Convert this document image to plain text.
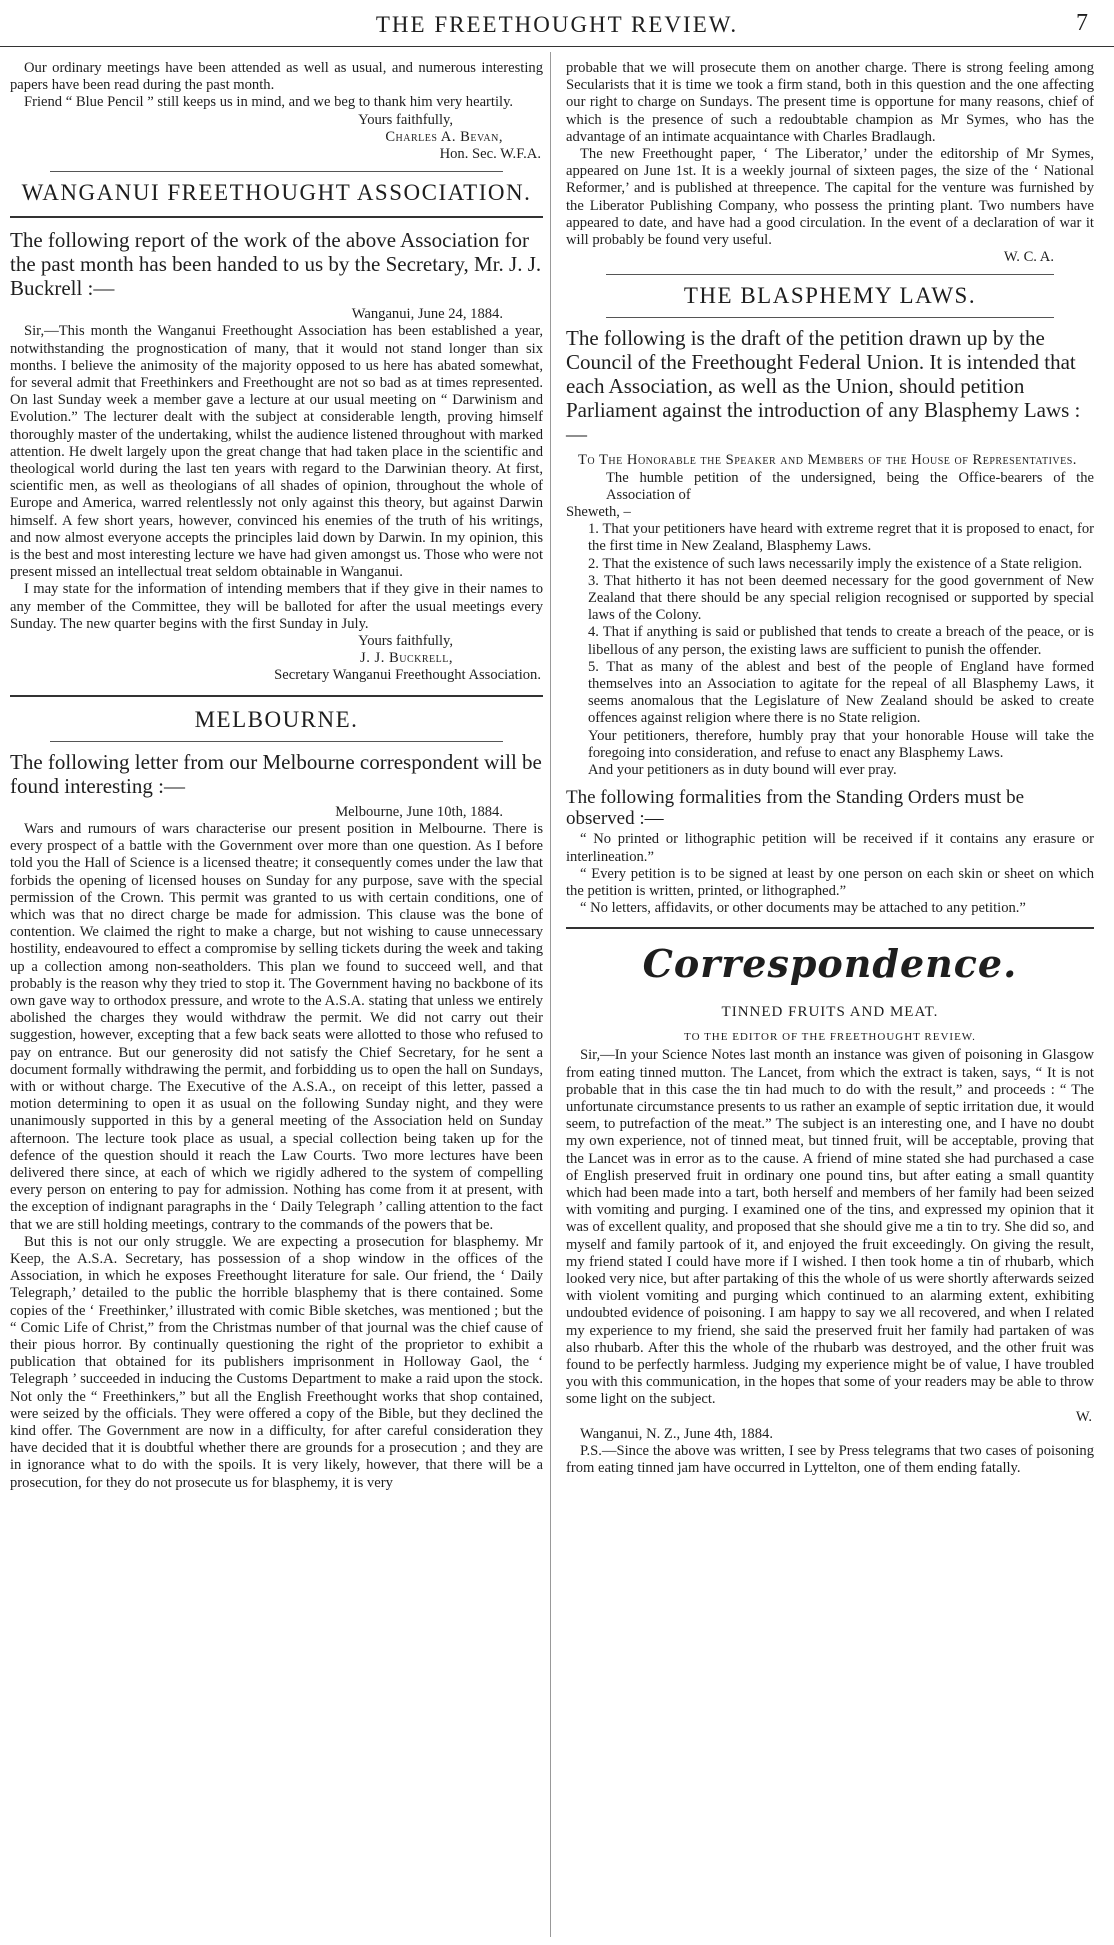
THE FREETHOUGHT REVIEW.	7

Our ordinary meetings have been attended as well as usual, and numerous interesting papers have been read during the past month.

Friend “ Blue Pencil ” still keeps us in mind, and we beg to thank him very heartily.

Yours faithfully,

Charles A. Bevan,

Hon. Sec. W.F.A.

WANGANUI FREETHOUGHT ASSOCIATION.

The following report of the work of the above Association for the past month has been handed to us by the Secretary, Mr. J. J. Buckrell :—

Wanganui, June 24, 1884.

Sir,—This month the Wanganui Freethought Association has been established a year, notwithstanding the prognostication of many, that it would not stand longer than six months. I believe the animosity of the majority opposed to us here has abated somewhat, for several admit that Freethinkers and Freethought are not so bad as at times represented. On last Sunday week a member gave a lecture at our usual meeting on “ Darwinism and Evolution.” The lecturer dealt with the subject at considerable length, proving himself thoroughly master of the undertaking, whilst the audience listened throughout with marked attention. He dwelt largely upon the great change that had taken place in the scientific and theological world during the last ten years with regard to the Darwinian theory. At first, scientific men, as well as theologians of all shades of opinion, throughout the whole of Europe and America, warred relentlessly not only against this theory, but against Darwin himself. A few short years, however, convinced his enemies of the truth of his writings, and now almost everyone accepts the principles laid down by Darwin. In my opinion, this is the best and most interesting lecture we have had given amongst us. Those who were not present missed an intellectual treat seldom obtainable in Wanganui.

I may state for the information of intending members that if they give in their names to any member of the Committee, they will be balloted for after the usual meetings every Sunday. The new quarter begins with the first Sunday in July.

Yours faithfully,

J. J. Buckrell,

Secretary Wanganui Freethought Association.

MELBOURNE.

The following letter from our Melbourne correspondent will be found interesting :—

Melbourne, June 10th, 1884.

Wars and rumours of wars characterise our present position in Melbourne. There is every prospect of a battle with the Government over more than one question. As I before told you the Hall of Science is a licensed theatre; it consequently comes under the law that forbids the opening of licensed houses on Sunday for any purpose, save with the special permission of the Crown. This permit was granted to us with certain conditions, one of which was that no direct charge be made for admission. This clause was the bone of contention. We claimed the right to make a charge, but not wishing to cause unnecessary hostility, endeavoured to effect a compromise by selling tickets during the week and taking up a collection among non-seatholders. This plan we found to succeed well, and that probably is the reason why they tried to stop it. The Government having no backbone of its own gave way to orthodox pressure, and wrote to the A.S.A. stating that unless we entirely abolished the charges they would withdraw the permit. We did not carry out their suggestion, however, excepting that a few back seats were allotted to those who refused to pay on entrance. But our generosity did not satisfy the Chief Secretary, for he sent a document formally withdrawing the permit, and forbidding us to open the hall on Sundays, with or without charge. The Executive of the A.S.A., on receipt of this letter, passed a motion determining to open it as usual on the following Sunday night, and they were unanimously supported in this by a general meeting of the Association held on Sunday afternoon. The lecture took place as usual, a special collection being taken up for the defence of the question should it reach the Law Courts. Two more lectures have been delivered there since, at each of which we rigidly adhered to the system of compelling every person on entering to pay for admission. Nothing has come from it at present, with the exception of indignant paragraphs in the ‘ Daily Telegraph ’ calling attention to the fact that we are still holding meetings, contrary to the commands of the powers that be.

But this is not our only struggle. We are expecting a prosecution for blasphemy. Mr Keep, the A.S.A. Secretary, has possession of a shop window in the offices of the Association, in which he exposes Freethought literature for sale. Our friend, the ‘ Daily Telegraph,’ detailed to the public the horrible blasphemy that is there contained. Some copies of the ‘ Freethinker,’ illustrated with comic Bible sketches, was mentioned ; but the “ Comic Life of Christ,” from the Christmas number of that journal was the chief cause of their pious horror. By continually questioning the right of the proprietor to exhibit a publication that obtained for its publishers imprisonment in Holloway Gaol, the ‘ Telegraph ’ succeeded in inducing the Customs Department to make a raid upon the stock. Not only the “ Freethinkers,” but all the English Freethought works that shop contained, were seized by the officials. They were offered a copy of the Bible, but they declined the kind offer. The Government are now in a difficulty, for after careful consideration they have decided that it is doubtful whether there are grounds for a prosecution ; and they are in ignorance what to do with the spoils. It is very likely, however, that there will be a prosecution, for they do not prosecute us for blasphemy, it is very

probable that we will prosecute them on another charge. There is strong feeling among Secularists that it is time we took a firm stand, both in this question and the one affecting our right to charge on Sundays. The present time is opportune for many reasons, chief of which is the presence of such a redoubtable champion as Mr Symes, who has the advantage of an intimate acquaintance with Charles Bradlaugh.

The new Freethought paper, ‘ The Liberator,’ under the editorship of Mr Symes, appeared on June 1st. It is a weekly journal of sixteen pages, the size of the ‘ National Reformer,’ and is published at threepence. The capital for the venture was furnished by the Liberator Publishing Company, who possess the printing plant. Two numbers have appeared to date, and have had a good circulation. In the event of a declaration of war it will probably be found very useful.

W. C. A.

THE BLASPHEMY LAWS.

The following is the draft of the petition drawn up by the Council of the Freethought Federal Union. It is intended that each Association, as well as the Union, should petition Parliament against the introduction of any Blasphemy Laws :—

To The Honorable the Speaker and Members of the House of Representatives.

The humble petition of the undersigned, being the Office-bearers of the Association of

Sheweth, –

1. That your petitioners have heard with extreme regret that it is proposed to enact, for the first time in New Zealand, Blasphemy Laws.

2. That the existence of such laws necessarily imply the existence of a State religion.

3. That hitherto it has not been deemed necessary for the good government of New Zealand that there should be any special religion recognised or supported by special laws of the Colony.

4. That if anything is said or published that tends to create a breach of the peace, or is libellous of any person, the existing laws are sufficient to punish the offender.

5. That as many of the ablest and best of the people of England have formed themselves into an Association to agitate for the repeal of all Blasphemy Laws, it seems anomalous that the Legislature of New Zealand should be asked to create offences against religion where there is no State religion.

Your petitioners, therefore, humbly pray that your honorable House will take the foregoing into consideration, and refuse to enact any Blasphemy Laws.

And your petitioners as in duty bound will ever pray.

The following formalities from the Standing Orders must be observed :—

“ No printed or lithographic petition will be received if it contains any erasure or interlineation.”

“ Every petition is to be signed at least by one person on each skin or sheet on which the petition is written, printed, or lithographed.”

“ No letters, affidavits, or other documents may be attached to any petition.”

Correspondence.
TINNED FRUITS AND MEAT.
TO THE EDITOR OF THE FREETHOUGHT REVIEW.

Sir,—In your Science Notes last month an instance was given of poisoning in Glasgow from eating tinned mutton. The Lancet, from which the extract is taken, says, “ It is not probable that in this case the tin had much to do with the result,” and proceeds : “ The unfortunate circumstance presents to us rather an example of septic irritation due, it would seem, to putrefaction of the meat.” The subject is an interesting one, and I have no doubt my own experience, not of tinned meat, but tinned fruit, will be acceptable, proving that the Lancet was in error as to the cause. A friend of mine stated she had purchased a case of English preserved fruit in ordinary one pound tins, but after eating a small quantity which had been made into a tart, both herself and members of her family had been seized with vomiting and purging. I examined one of the tins, and expressed my opinion that it was of excellent quality, and proposed that she should give me a tin to try. She did so, and myself and family partook of it, and enjoyed the fruit exceedingly. On giving the result, my friend stated I could have more if I wished. I then took home a tin of rhubarb, which looked very nice, but after partaking of this the whole of us were shortly afterwards seized with violent vomiting and purging which continued to an alarming extent, exhibiting undoubted evidence of poisoning. I am happy to say we all recovered, and when I related my experience to my friend, she said the preserved fruit her family had partaken of was also rhubarb. After this the whole of the rhubarb was destroyed, and the other fruit was found to be perfectly harmless. Judging my experience might be of value, I have troubled you with this communication, in the hopes that some of your readers may be able to throw some light on the subject.

W.

Wanganui, N. Z., June 4th, 1884.

P.S.—Since the above was written, I see by Press telegrams that two cases of poisoning from eating tinned jam have occurred in Lyttelton, one of them ending fatally.
